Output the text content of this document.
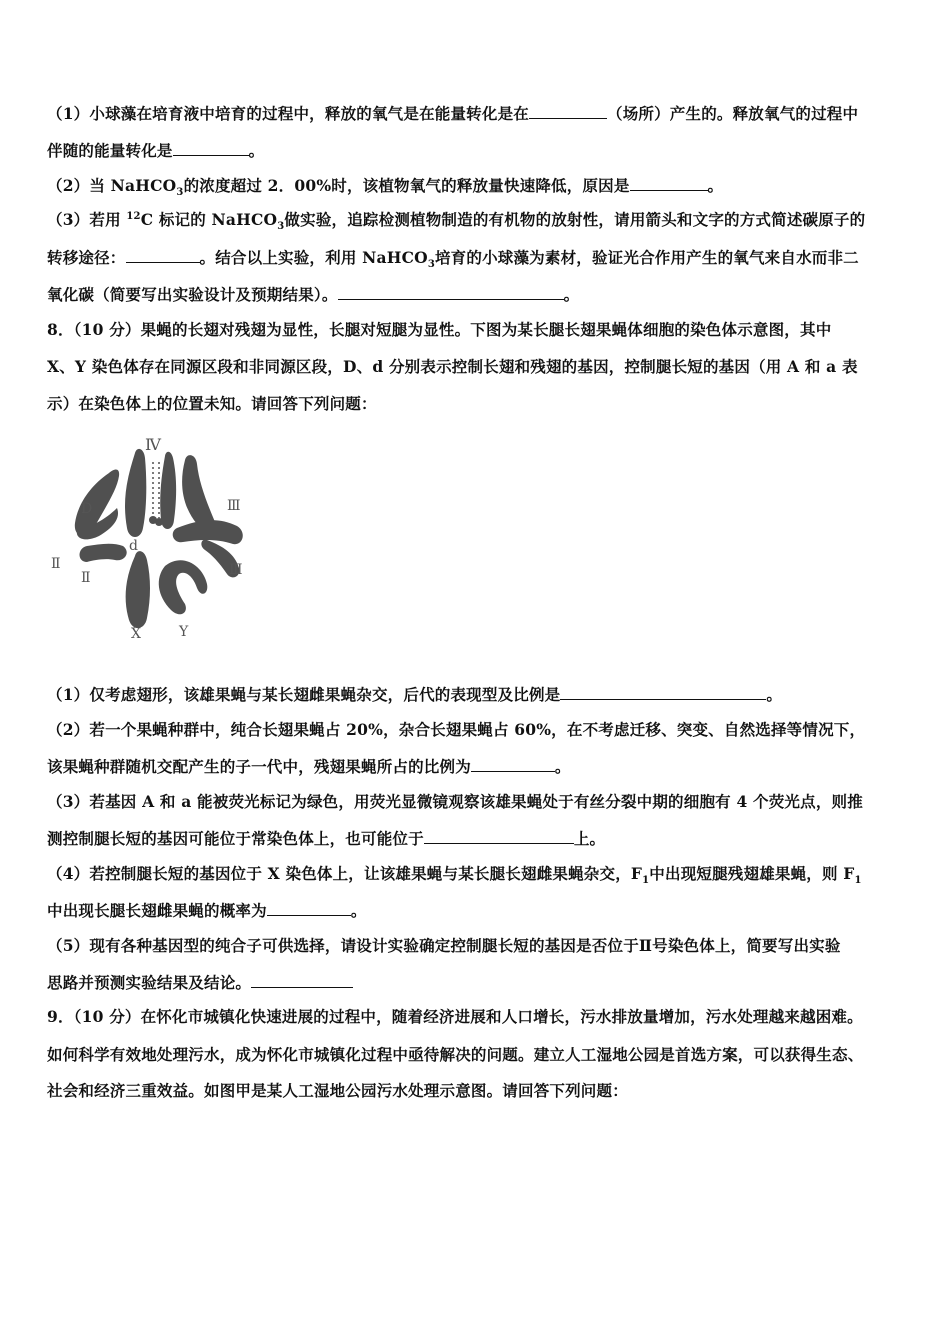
（1）小球藻在培育液中培育的过程中，释放的氧气是在能量转化是在	（场所）产生的。释放氧气的过程中
伴随的能量转化是	。
（2）当 NaHCO$_3$的浓度超过 2．00%时，该植物氧气的释放量快速降低，原因是	。
（3）若用 $^{12}$C 标记的 NaHCO$_3$做实验，追踪检测植物制造的有机物的放射性，请用箭头和文字的方式简述碳原子的
转移途径：	。结合以上实验，利用 NaHCO$_3$培育的小球藻为素材，验证光合作用产生的氧气来自水而非二
氧化碳（简要写出实验设计及预期结果）。	。
8．（10 分）果蝇的长翅对残翅为显性，长腿对短腿为显性。下图为某长腿长翅果蝇体细胞的染色体示意图，其中
X、Y 染色体存在同源区段和非同源区段，D、d 分别表示控制长翅和残翅的基因，控制腿长短的基因（用 A 和 a 表
示）在染色体上的位置未知。请回答下列问题：
Ⅳ
D
d
Ⅲ
Ⅲ
Ⅱ
Ⅱ
X	Y
（1）仅考虑翅形，该雄果蝇与某长翅雌果蝇杂交，后代的表现型及比例是	。
（2）若一个果蝇种群中，纯合长翅果蝇占 20%，杂合长翅果蝇占 60%，在不考虑迁移、突变、自然选择等情况下，
该果蝇种群随机交配产生的子一代中，残翅果蝇所占的比例为	。
（3）若基因 A 和 a 能被荧光标记为绿色，用荧光显微镜观察该雄果蝇处于有丝分裂中期的细胞有 4 个荧光点，则推
测控制腿长短的基因可能位于常染色体上，也可能位于	上。
（4）若控制腿长短的基因位于 X 染色体上，让该雄果蝇与某长腿长翅雌果蝇杂交，$F_1$中出现短腿残翅雄果蝇，则 $F_1$
中出现长腿长翅雌果蝇的概率为	。
（5）现有各种基因型的纯合子可供选择，请设计实验确定控制腿长短的基因是否位于Ⅱ号染色体上，简要写出实验
思路并预测实验结果及结论。
9．（10 分）在怀化市城镇化快速进展的过程中，随着经济进展和人口增长，污水排放量增加，污水处理越来越困难。
如何科学有效地处理污水，成为怀化市城镇化过程中亟待解决的问题。建立人工湿地公园是首选方案，可以获得生态、
社会和经济三重效益。如图甲是某人工湿地公园污水处理示意图。请回答下列问题：
